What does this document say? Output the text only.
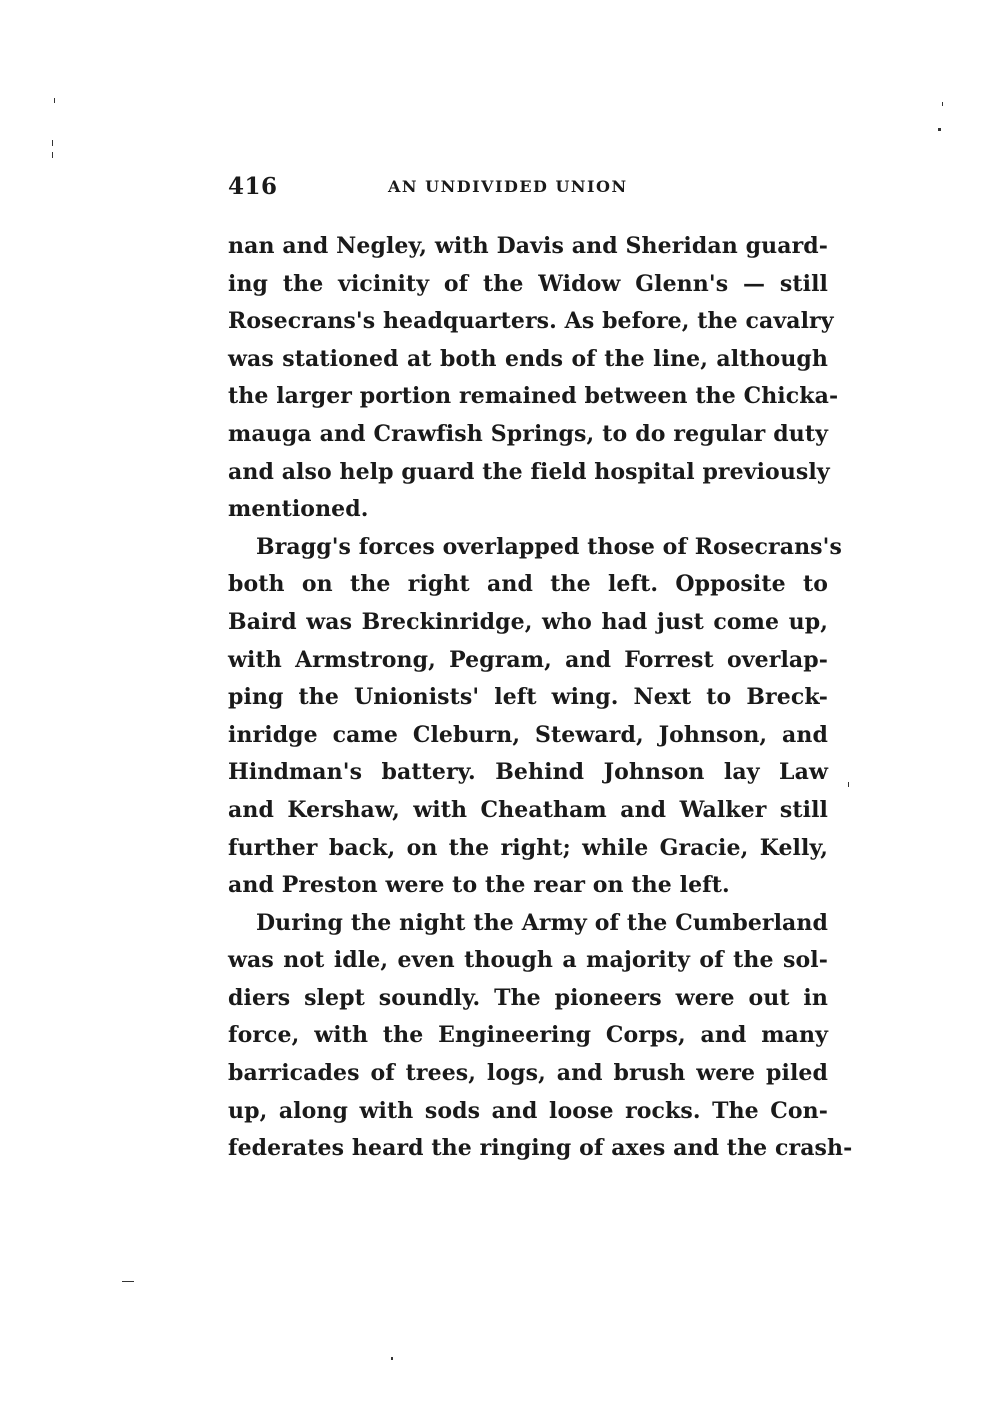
416	AN UNDIVIDED UNION
nan and Negley, with Davis and Sheridan guard-
ing the vicinity of the Widow Glenn's — still
Rosecrans's headquarters. As before, the cavalry
was stationed at both ends of the line, although
the larger portion remained between the Chicka-
mauga and Crawfish Springs, to do regular duty
and also help guard the field hospital previously
mentioned.
Bragg's forces overlapped those of Rosecrans's
both on the right and the left. Opposite to
Baird was Breckinridge, who had just come up,
with Armstrong, Pegram, and Forrest overlap-
ping the Unionists' left wing. Next to Breck-
inridge came Cleburn, Steward, Johnson, and
Hindman's battery. Behind Johnson lay Law
and Kershaw, with Cheatham and Walker still
further back, on the right; while Gracie, Kelly,
and Preston were to the rear on the left.
During the night the Army of the Cumberland
was not idle, even though a majority of the sol-
diers slept soundly. The pioneers were out in
force, with the Engineering Corps, and many
barricades of trees, logs, and brush were piled
up, along with sods and loose rocks. The Con-
federates heard the ringing of axes and the crash-
